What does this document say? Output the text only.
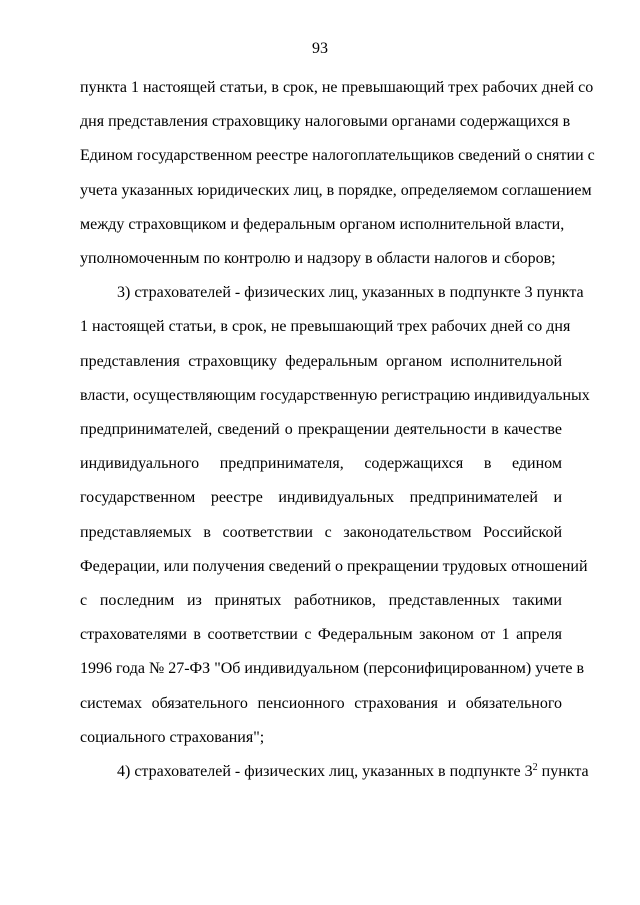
93
пункта 1 настоящей статьи, в срок, не превышающий трех рабочих дней со
дня представления страховщику налоговыми органами содержащихся в
Едином государственном реестре налогоплательщиков сведений о снятии с
учета указанных юридических лиц, в порядке, определяемом соглашением
между страховщиком и федеральным органом исполнительной власти,
уполномоченным по контролю и надзору в области налогов и сборов;
3) страхователей - физических лиц, указанных в подпункте 3 пункта
1 настоящей статьи, в срок, не превышающий трех рабочих дней со дня
представления страховщику федеральным органом исполнительной
власти, осуществляющим государственную регистрацию индивидуальных
предпринимателей, сведений о прекращении деятельности в качестве
индивидуального предпринимателя, содержащихся в едином
государственном реестре индивидуальных предпринимателей и
представляемых в соответствии с законодательством Российской
Федерации, или получения сведений о прекращении трудовых отношений
с последним из принятых работников, представленных такими
страхователями в соответствии с Федеральным законом от 1 апреля
1996 года № 27-ФЗ "Об индивидуальном (персонифицированном) учете в
системах обязательного пенсионного страхования и обязательного
социального страхования";
4) страхователей - физических лиц, указанных в подпункте $3^2$ пункта
